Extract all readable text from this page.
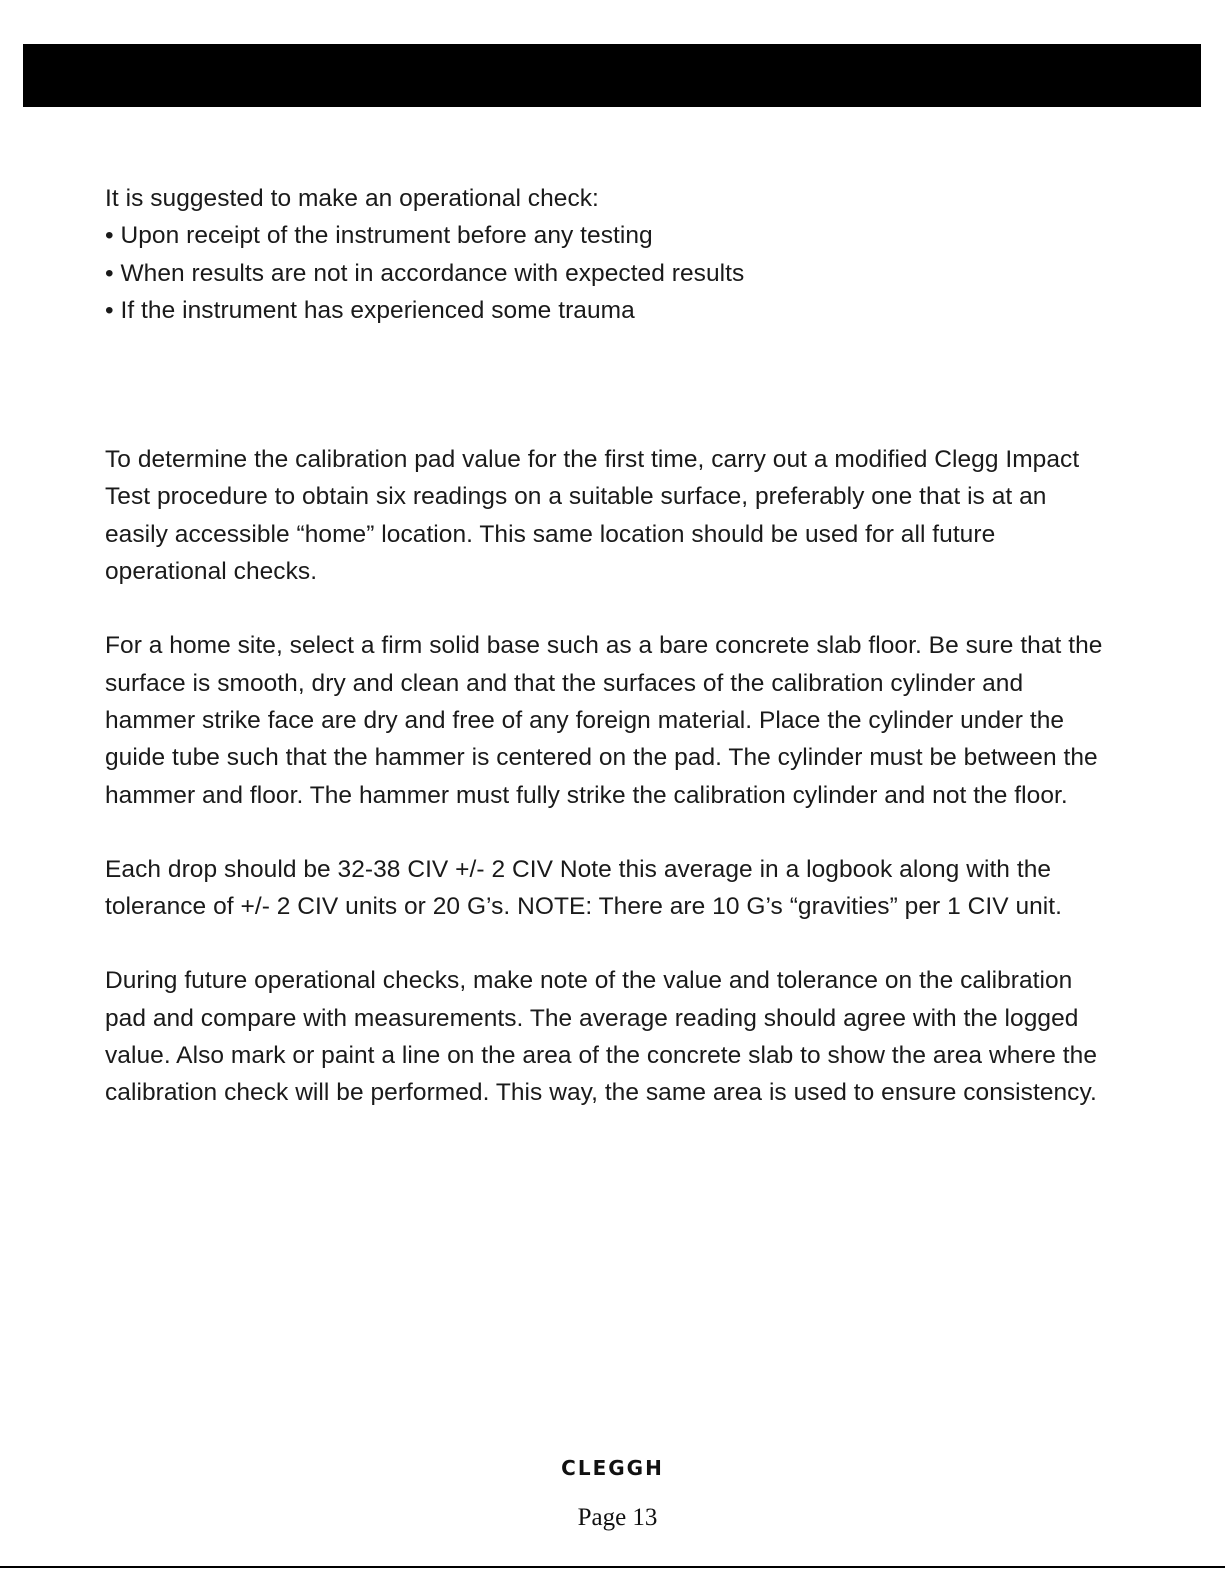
It is suggested to make an operational check:

• Upon receipt of the instrument before any testing
• When results are not in accordance with expected results
• If the instrument has experienced some trauma

To determine the calibration pad value for the first time, carry out a modified Clegg Impact Test procedure to obtain six readings on a suitable surface, preferably one that is at an easily accessible “home” location. This same location should be used for all future operational checks.

For a home site, select a firm solid base such as a bare concrete slab floor. Be sure that the surface is smooth, dry and clean and that the surfaces of the calibration cylinder and hammer strike face are dry and free of any foreign material. Place the cylinder under the guide tube such that the hammer is centered on the pad. The cylinder must be between the hammer and floor. The hammer must fully strike the calibration cylinder and not the floor.

Each drop should be 32-38 CIV +/- 2 CIV Note this average in a logbook along with the tolerance of +/- 2 CIV units or 20 G’s. NOTE: There are 10 G’s “gravities” per 1 CIV unit.

During future operational checks, make note of the value and tolerance on the calibration pad and compare with measurements. The average reading should agree with the logged value. Also mark or paint a line on the area of the concrete slab to show the area where the calibration check will be performed. This way, the same area is used to ensure consistency.

CLEGGH
Page 13
